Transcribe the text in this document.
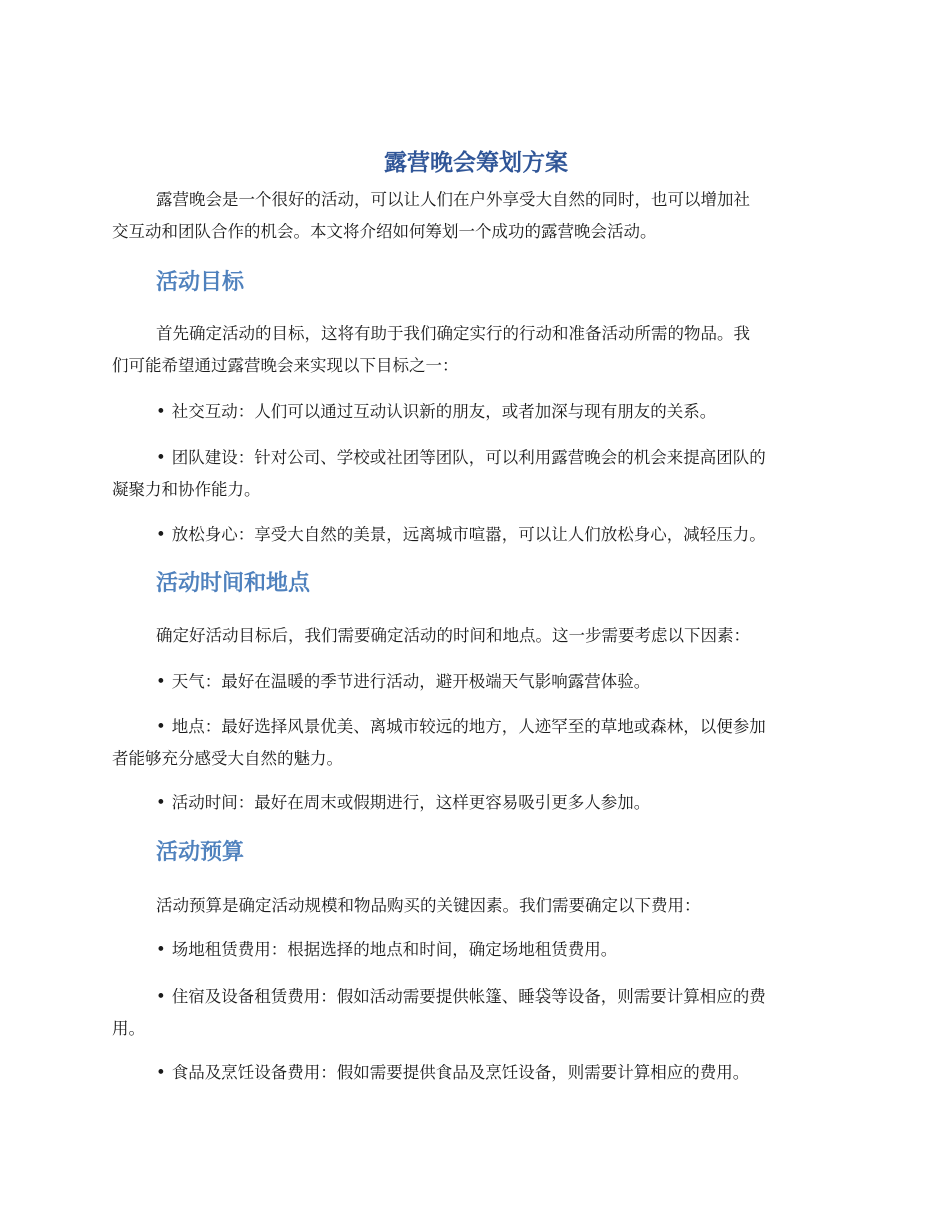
露营晚会筹划方案
露营晚会是一个很好的活动，可以让人们在户外享受大自然的同时，也可以增加社
交互动和团队合作的机会。本文将介绍如何筹划一个成功的露营晚会活动。
活动目标
首先确定活动的目标，这将有助于我们确定实行的行动和准备活动所需的物品。我
们可能希望通过露营晚会来实现以下目标之一：
• 社交互动：人们可以通过互动认识新的朋友，或者加深与现有朋友的关系。
• 团队建设：针对公司、学校或社团等团队，可以利用露营晚会的机会来提高团队的
凝聚力和协作能力。
• 放松身心：享受大自然的美景，远离城市喧嚣，可以让人们放松身心，减轻压力。
活动时间和地点
确定好活动目标后，我们需要确定活动的时间和地点。这一步需要考虑以下因素：
• 天气：最好在温暖的季节进行活动，避开极端天气影响露营体验。
• 地点：最好选择风景优美、离城市较远的地方，人迹罕至的草地或森林，以便参加
者能够充分感受大自然的魅力。
• 活动时间：最好在周末或假期进行，这样更容易吸引更多人参加。
活动预算
活动预算是确定活动规模和物品购买的关键因素。我们需要确定以下费用：
• 场地租赁费用：根据选择的地点和时间，确定场地租赁费用。
• 住宿及设备租赁费用：假如活动需要提供帐篷、睡袋等设备，则需要计算相应的费
用。
• 食品及烹饪设备费用：假如需要提供食品及烹饪设备，则需要计算相应的费用。
